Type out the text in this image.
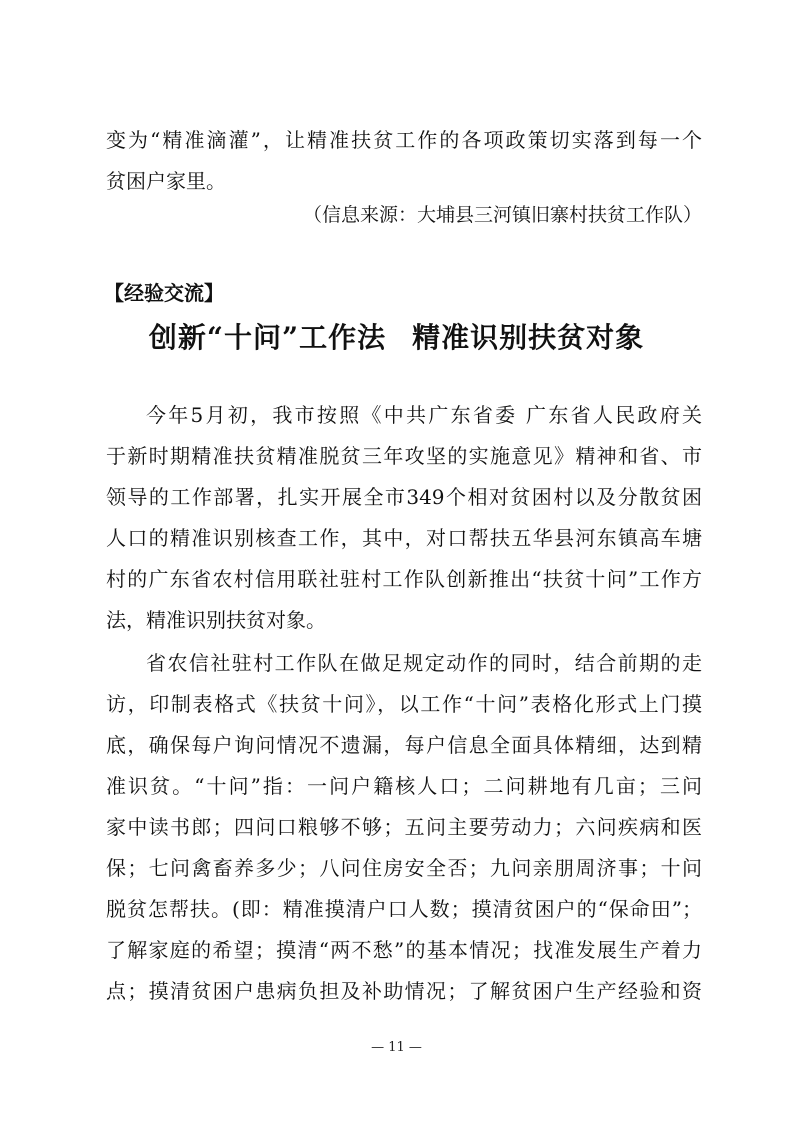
变为“精准滴灌”，让精准扶贫工作的各项政策切实落到每一个
贫困户家里。
（信息来源：大埔县三河镇旧寨村扶贫工作队）
【经验交流】
创新“十问”工作法 精准识别扶贫对象
今年5月初，我市按照《中共广东省委 广东省人民政府关
于新时期精准扶贫精准脱贫三年攻坚的实施意见》精神和省、市
领导的工作部署，扎实开展全市349个相对贫困村以及分散贫困
人口的精准识别核查工作，其中，对口帮扶五华县河东镇高车塘
村的广东省农村信用联社驻村工作队创新推出“扶贫十问”工作方
法，精准识别扶贫对象。
省农信社驻村工作队在做足规定动作的同时，结合前期的走
访，印制表格式《扶贫十问》，以工作“十问”表格化形式上门摸
底，确保每户询问情况不遗漏，每户信息全面具体精细，达到精
准识贫。“十问”指：一问户籍核人口；二问耕地有几亩；三问
家中读书郎；四问口粮够不够；五问主要劳动力；六问疾病和医
保；七问禽畜养多少；八问住房安全否；九问亲朋周济事；十问
脱贫怎帮扶。(即：精准摸清户口人数；摸清贫困户的“保命田”；
了解家庭的希望；摸清“两不愁”的基本情况；找准发展生产着力
点；摸清贫困户患病负担及补助情况；了解贫困户生产经验和资
— 11 —
